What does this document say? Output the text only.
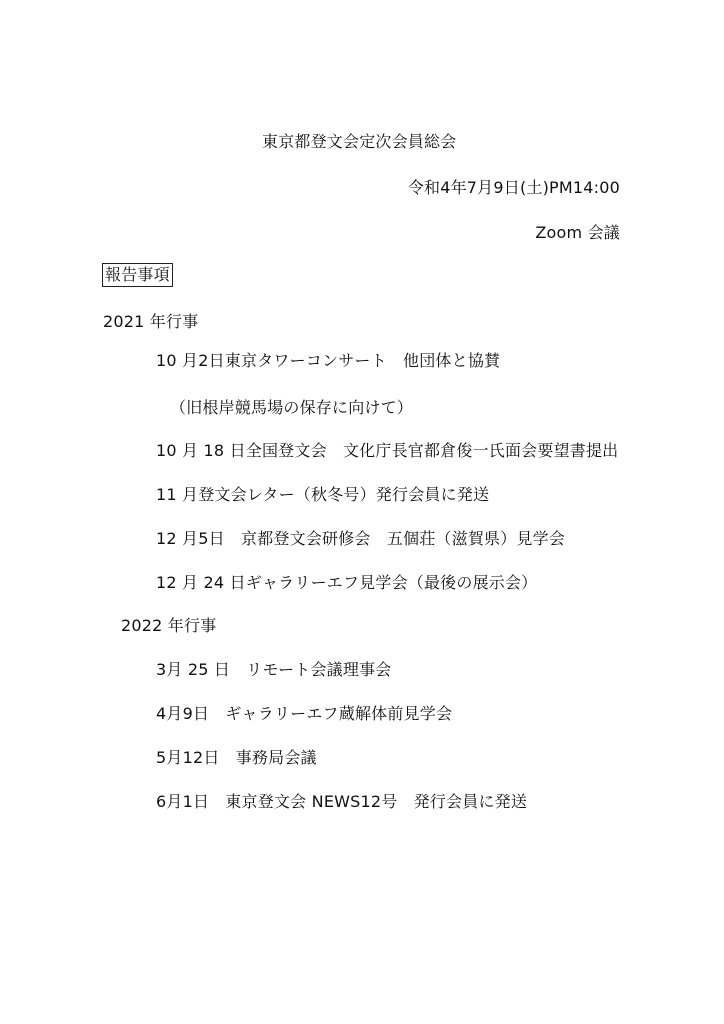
東京都登文会定次会員総会
令和4年7月9日(土)PM14:00
Zoom 会議
報告事項
2021 年行事
10 月2日東京タワーコンサート　他団体と協賛
（旧根岸競馬場の保存に向けて）
10 月 18 日全国登文会　文化庁長官都倉俊一氏面会要望書提出
11 月登文会レター（秋冬号）発行会員に発送
12 月5日　京都登文会研修会　五個荘（滋賀県）見学会
12 月 24 日ギャラリーエフ見学会（最後の展示会）
2022 年行事
3月 25 日　リモート会議理事会
4月9日　ギャラリーエフ蔵解体前見学会
5月12日　事務局会議
6月1日　東京登文会 NEWS12号　発行会員に発送
